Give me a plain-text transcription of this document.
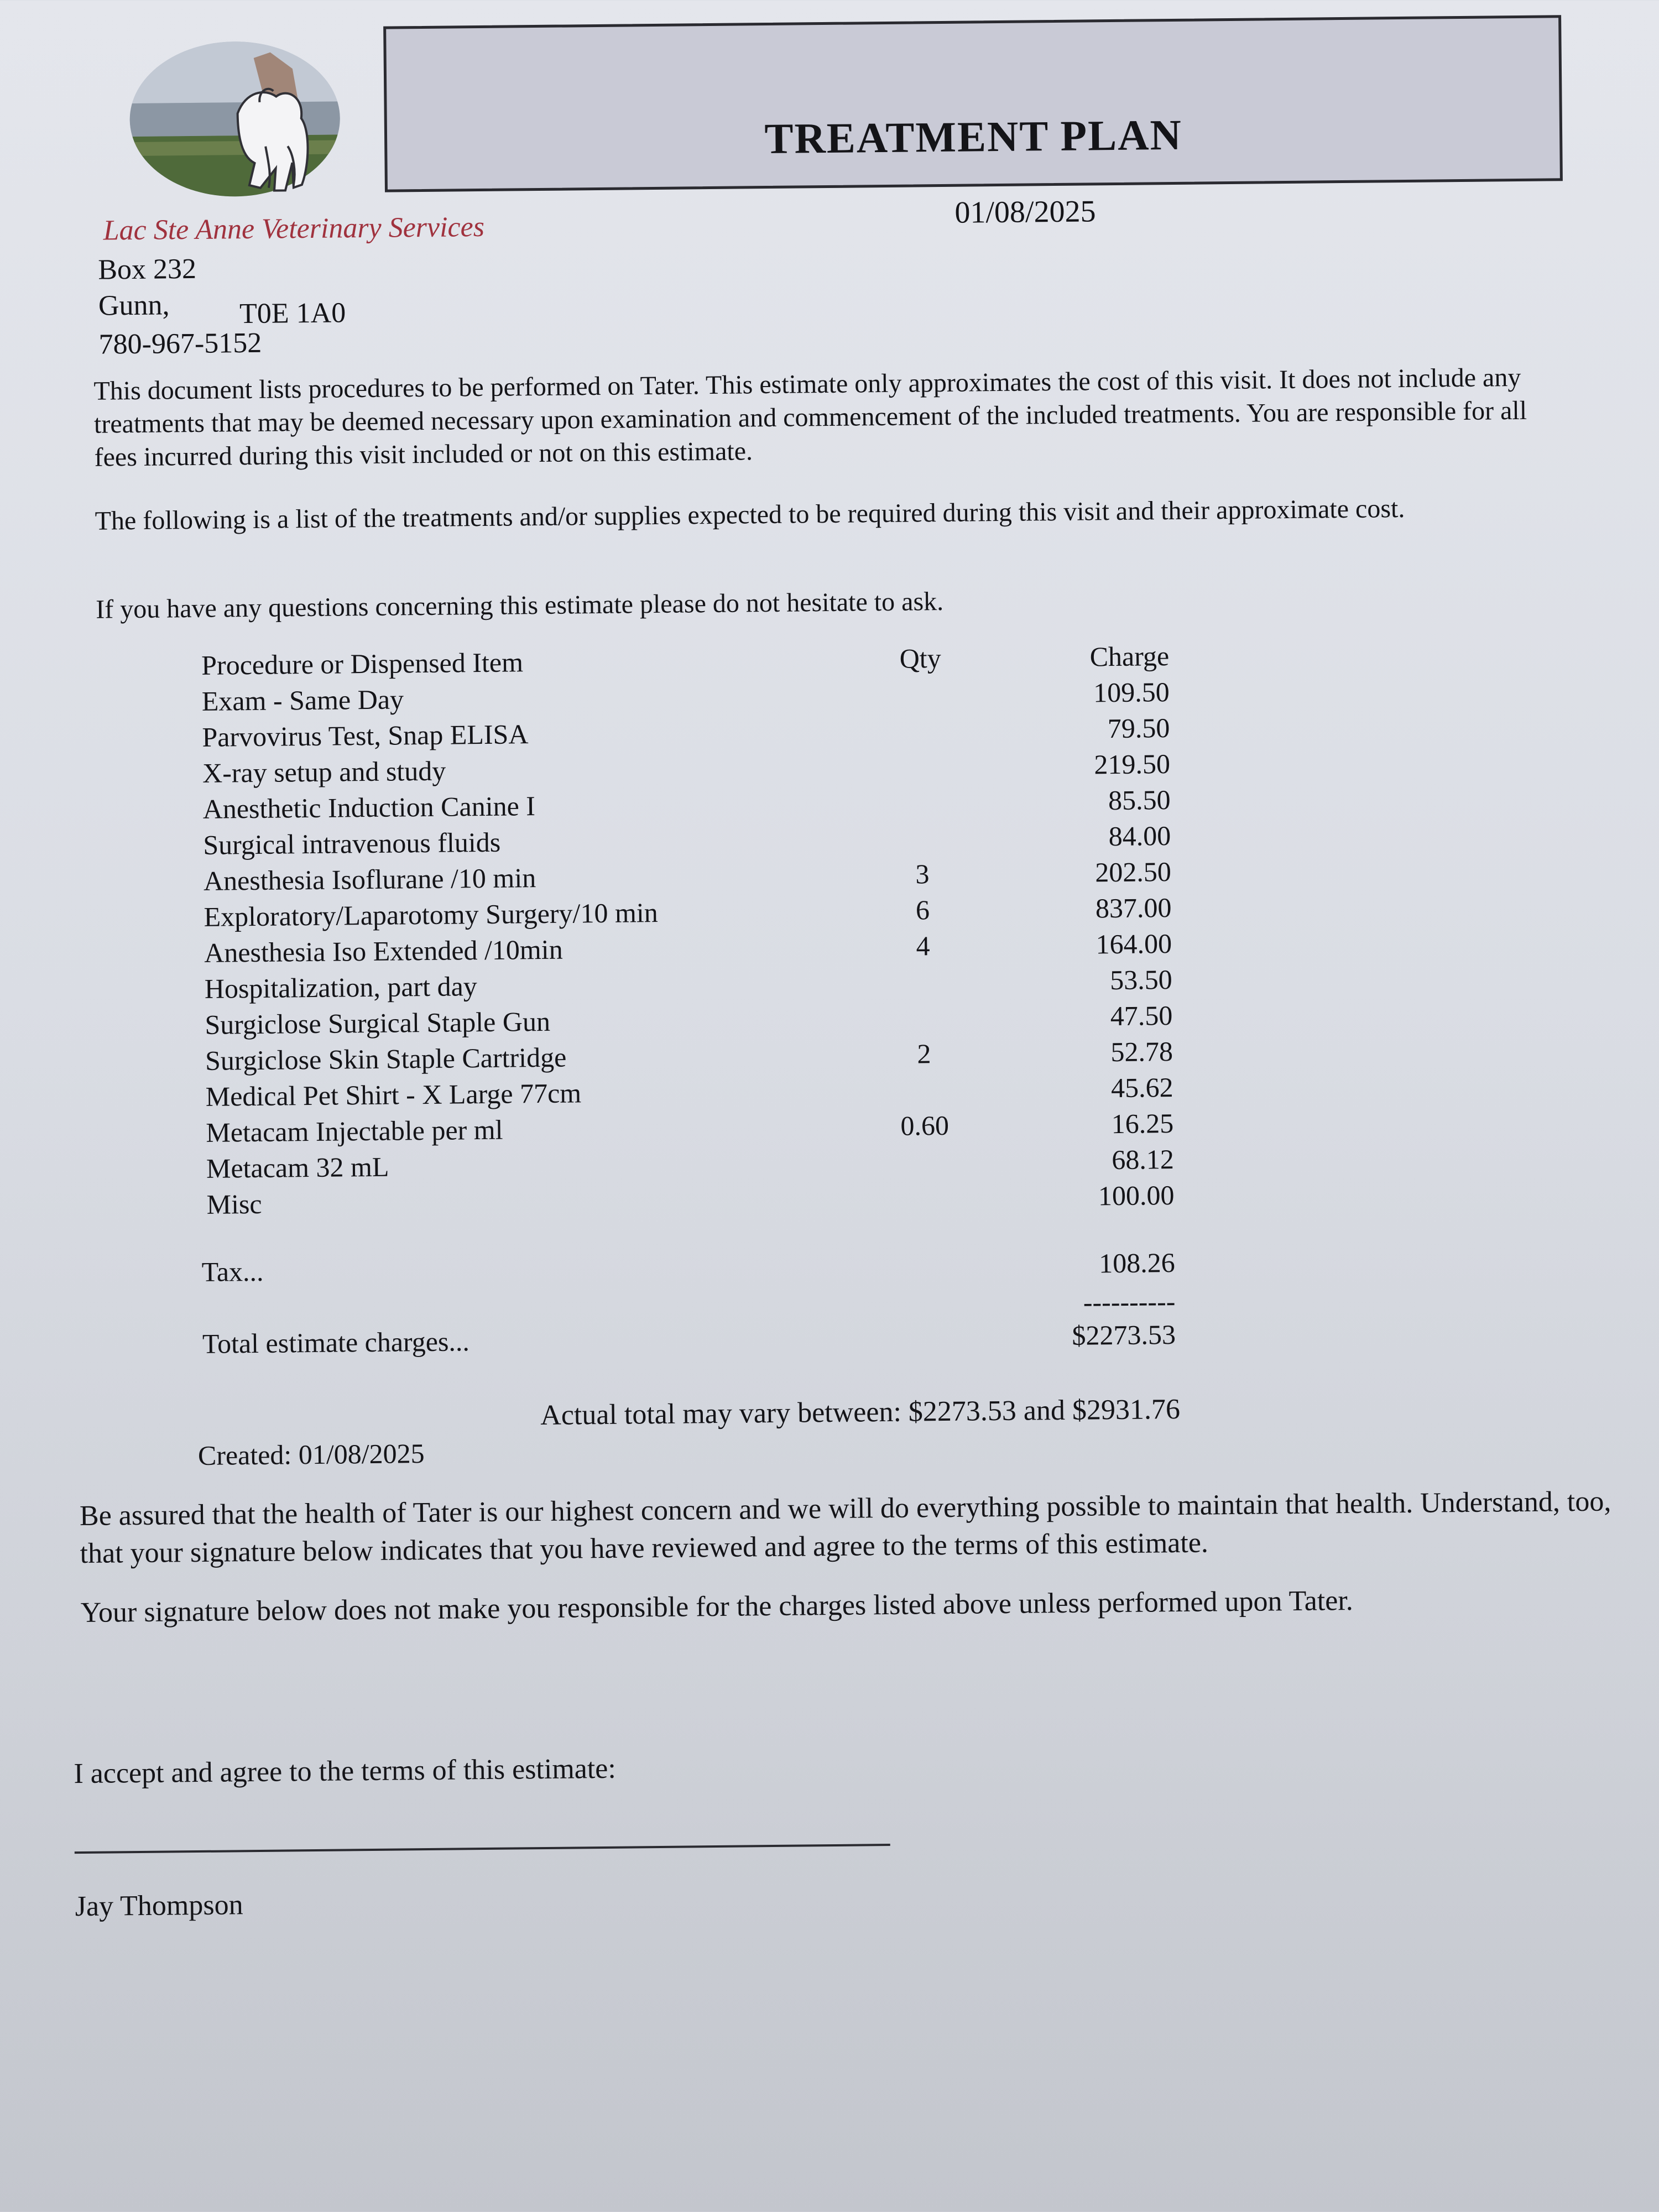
TREATMENT PLAN
01/08/2025
Lac Ste Anne Veterinary Services
Box 232
Gunn, T0E 1A0
780-967-5152
This document lists procedures to be performed on Tater. This estimate only approximates the cost of this visit. It does not include any treatments that may be deemed necessary upon examination and commencement of the included treatments. You are responsible for all fees incurred during this visit included or not on this estimate.
The following is a list of the treatments and/or supplies expected to be required during this visit and their approximate cost.
If you have any questions concerning this estimate please do not hesitate to ask.
Procedure or Dispensed Item	Qty	Charge
Exam - Same Day	109.50
Parvovirus Test, Snap ELISA	79.50
X-ray setup and study	219.50
Anesthetic Induction Canine I	85.50
Surgical intravenous fluids	84.00
Anesthesia Isoflurane /10 min	3	202.50
Exploratory/Laparotomy Surgery/10 min	6	837.00
Anesthesia Iso Extended /10min	4	164.00
Hospitalization, part day	53.50
Surgiclose Surgical Staple Gun	47.50
Surgiclose Skin Staple Cartridge	2	52.78
Medical Pet Shirt - X Large 77cm	45.62
Metacam Injectable per ml	0.60	16.25
Metacam 32 mL	68.12
Misc	100.00
Tax...	108.26
----------
Total estimate charges...	$2273.53
Actual total may vary between: $2273.53 and $2931.76
Created: 01/08/2025
Be assured that the health of Tater is our highest concern and we will do everything possible to maintain that health. Understand, too, that your signature below indicates that you have reviewed and agree to the terms of this estimate.
Your signature below does not make you responsible for the charges listed above unless performed upon Tater.
I accept and agree to the terms of this estimate:
Jay Thompson
